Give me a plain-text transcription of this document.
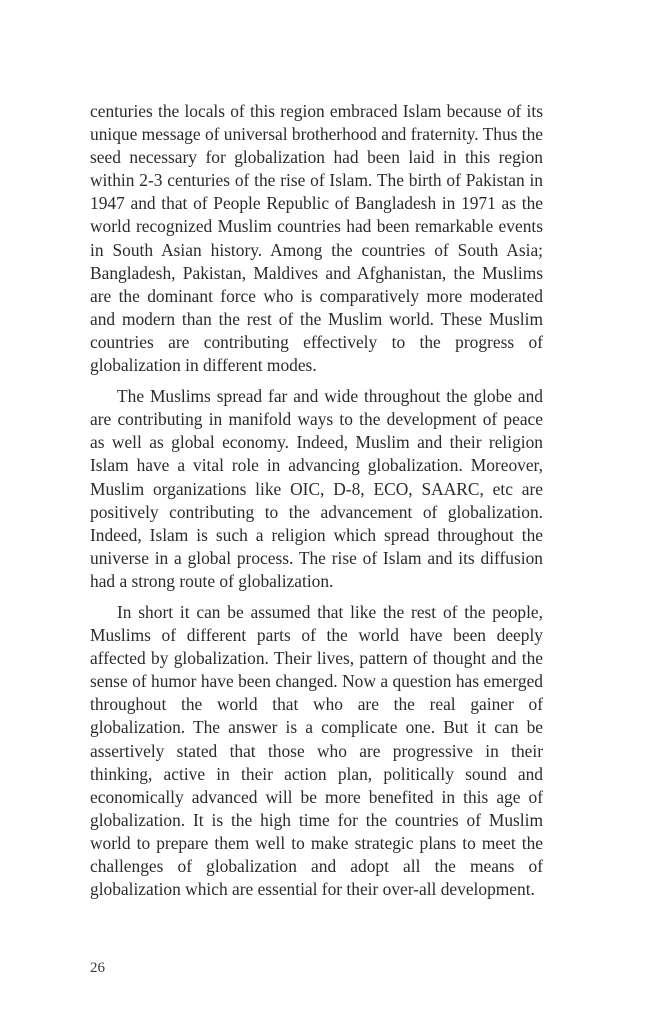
centuries the locals of this region embraced Islam because of its unique message of universal brotherhood and fraternity. Thus the seed necessary for globalization had been laid in this region within 2-3 centuries of the rise of Islam. The birth of Pakistan in 1947 and that of People Republic of Bangladesh in 1971 as the world recognized Muslim countries had been remarkable events in South Asian history. Among the countries of South Asia; Bangladesh, Pakistan, Maldives and Afghanistan, the Muslims are the dominant force who is comparatively more moderated and modern than the rest of the Muslim world. These Muslim countries are contributing effectively to the progress of globalization in different modes.

The Muslims spread far and wide throughout the globe and are contributing in manifold ways to the development of peace as well as global economy. Indeed, Muslim and their religion Islam have a vital role in advancing globalization. Moreover, Muslim organizations like OIC, D-8, ECO, SAARC, etc are positively contributing to the advancement of globalization. Indeed, Islam is such a religion which spread throughout the universe in a global process. The rise of Islam and its diffusion had a strong route of globalization.

In short it can be assumed that like the rest of the people, Muslims of different parts of the world have been deeply affected by globalization. Their lives, pattern of thought and the sense of humor have been changed. Now a question has emerged throughout the world that who are the real gainer of globalization. The answer is a complicate one. But it can be assertively stated that those who are progressive in their thinking, active in their action plan, politically sound and economically advanced will be more benefited in this age of globalization. It is the high time for the countries of Muslim world to prepare them well to make strategic plans to meet the challenges of globalization and adopt all the means of globalization which are essential for their over-all development.

26
